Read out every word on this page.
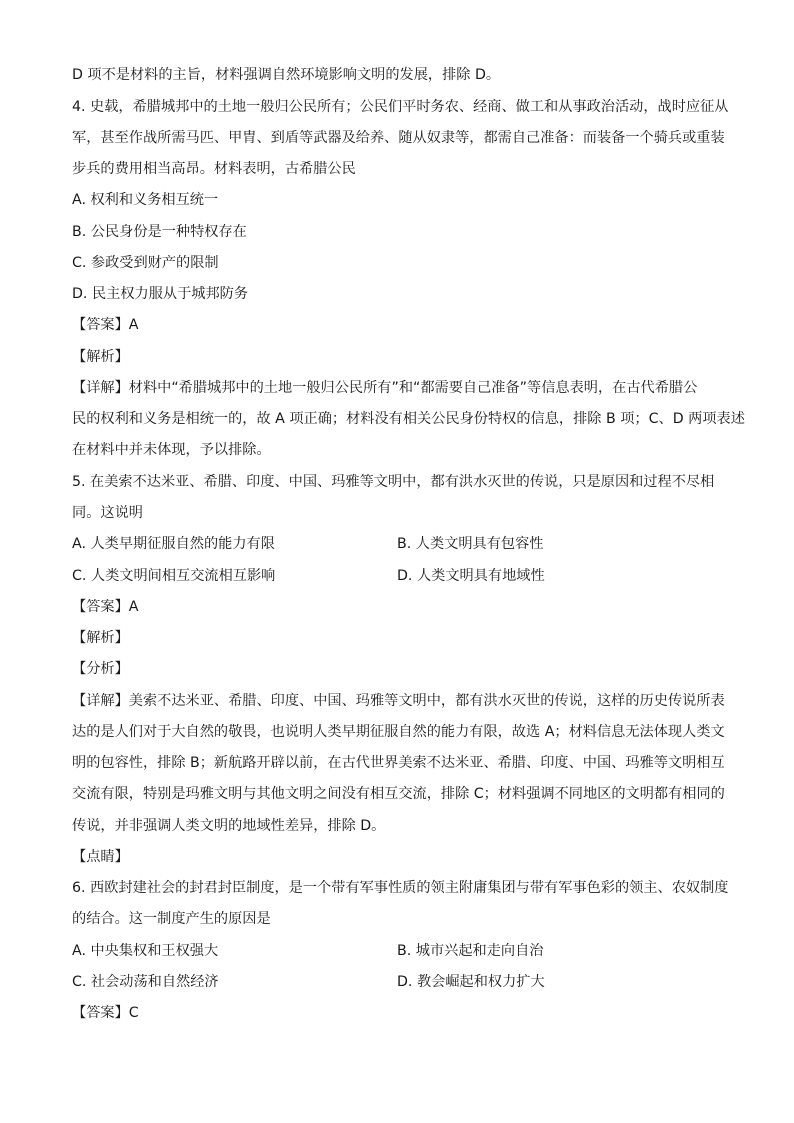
D 项不是材料的主旨，材料强调自然环境影响文明的发展，排除 D。
4. 史载，希腊城邦中的土地一般归公民所有；公民们平时务农、经商、做工和从事政治活动，战时应征从
军，甚至作战所需马匹、甲胄、到盾等武器及给养、随从奴隶等，都需自己准备：而装备一个骑兵或重装
步兵的费用相当高昂。材料表明，古希腊公民
A. 权利和义务相互统一
B. 公民身份是一种特权存在
C. 参政受到财产的限制
D. 民主权力服从于城邦防务
【答案】A
【解析】
【详解】材料中“希腊城邦中的土地一般归公民所有”和“都需要自己准备”等信息表明，在古代希腊公
民的权利和义务是相统一的，故 A 项正确；材料没有相关公民身份特权的信息，排除 B 项；C、D 两项表述
在材料中并未体现，予以排除。
5. 在美索不达米亚、希腊、印度、中国、玛雅等文明中，都有洪水灭世的传说，只是原因和过程不尽相
同。这说明
A. 人类早期征服自然的能力有限	B. 人类文明具有包容性
C. 人类文明间相互交流相互影响	D. 人类文明具有地域性
【答案】A
【解析】
【分析】
【详解】美索不达米亚、希腊、印度、中国、玛雅等文明中，都有洪水灭世的传说，这样的历史传说所表
达的是人们对于大自然的敬畏，也说明人类早期征服自然的能力有限，故选 A；材料信息无法体现人类文
明的包容性，排除 B；新航路开辟以前，在古代世界美索不达米亚、希腊、印度、中国、玛雅等文明相互
交流有限，特别是玛雅文明与其他文明之间没有相互交流，排除 C；材料强调不同地区的文明都有相同的
传说，并非强调人类文明的地域性差异，排除 D。
【点睛】
6. 西欧封建社会的封君封臣制度，是一个带有军事性质的领主附庸集团与带有军事色彩的领主、农奴制度
的结合。这一制度产生的原因是
A. 中央集权和王权强大	B. 城市兴起和走向自治
C. 社会动荡和自然经济	D. 教会崛起和权力扩大
【答案】C
